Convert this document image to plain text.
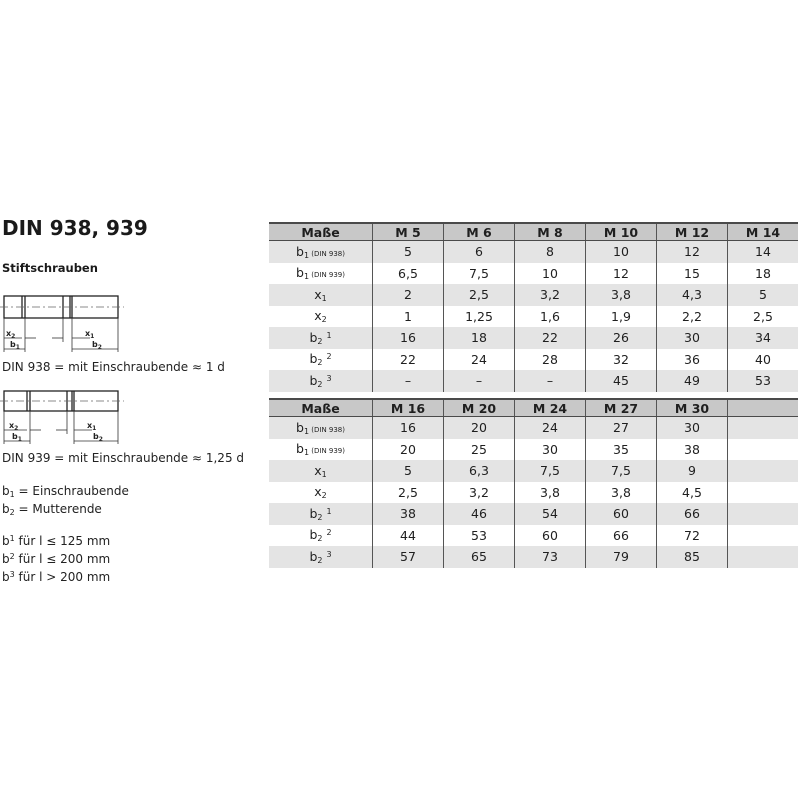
DIN 938, 939
Stiftschrauben
$x_2$	$x_1$
$b_1$	$b_2$
DIN 938 = mit Einschraubende ≈ 1 d
$x_2$	$x_1$
$b_1$	$b_2$
DIN 939 = mit Einschraubende ≈ 1,25 d
$b_1$ = Einschraubende
$b_2$ = Mutterende
$b^1$ für l ≤ 125 mm
$b^2$ für l ≤ 200 mm
$b^3$ für l > 200 mm
Maße	M 5	M 6	M 8	M 10	M 12	M 14
$b_1$ (DIN 938)	5	6	8	10	12	14
$b_1$ (DIN 939)	6,5	7,5	10	12	15	18
$x_1$	2	2,5	3,2	3,8	4,3	5
$x_2$	1	1,25	1,6	1,9	2,2	2,5
$b_2^1$	16	18	22	26	30	34
$b_2^2$	22	24	28	32	36	40
$b_2^3$	–	–	–	45	49	53
Maße	M 16	M 20	M 24	M 27	M 30	
$b_1$ (DIN 938)	16	20	24	27	30	
$b_1$ (DIN 939)	20	25	30	35	38	
$x_1$	5	6,3	7,5	7,5	9	
$x_2$	2,5	3,2	3,8	3,8	4,5	
$b_2^1$	38	46	54	60	66	
$b_2^2$	44	53	60	66	72	
$b_2^3$	57	65	73	79	85	
